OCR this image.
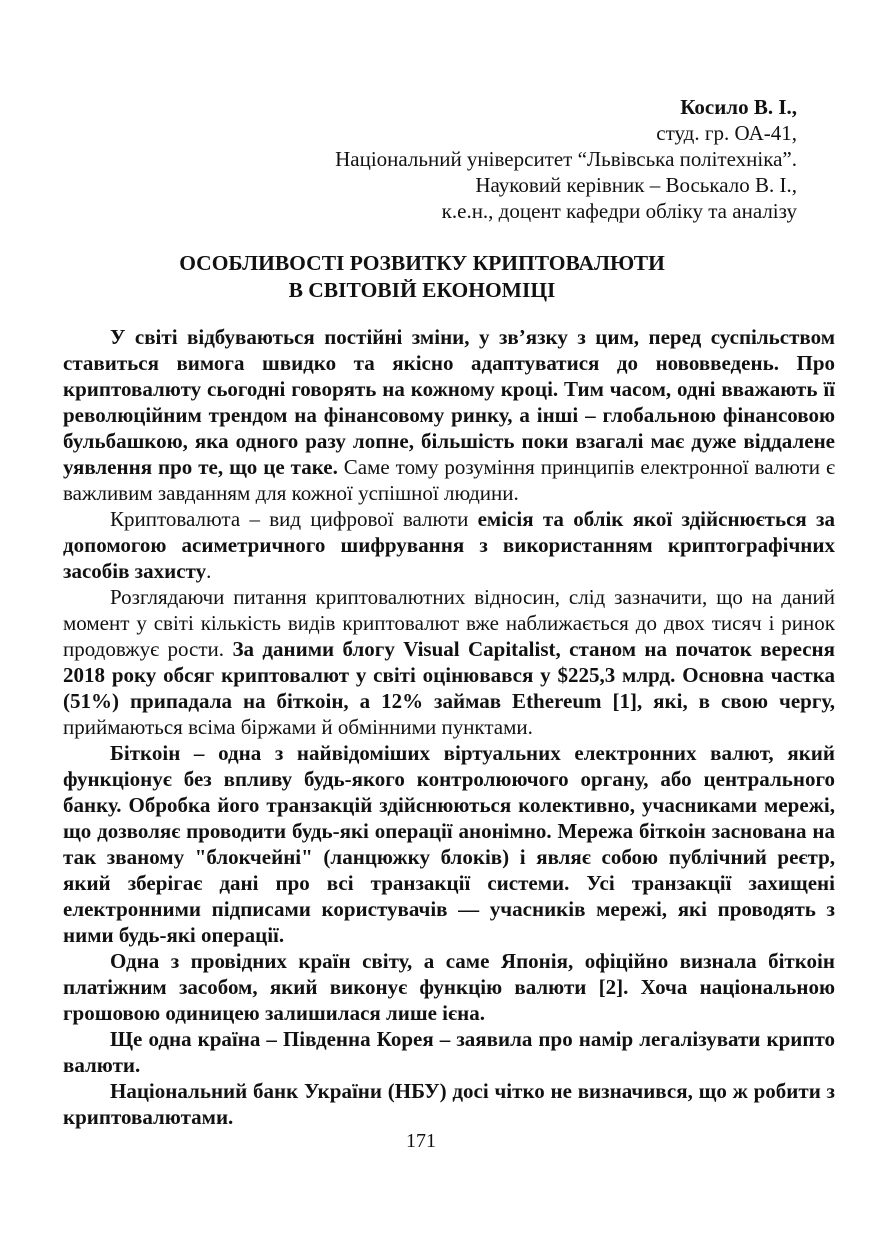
Косило В. І.,
студ. гр. ОА-41,
Національний університет “Львівська політехніка”.
Науковий керівник – Воськало В. І.,
к.е.н., доцент кафедри обліку та аналізу
ОСОБЛИВОСТІ РОЗВИТКУ КРИПТОВАЛЮТИ
В СВІТОВІЙ ЕКОНОМІЦІ

У світі відбуваються постійні зміни, у зв’язку з цим, перед суспільством ставиться вимога швидко та якісно адаптуватися до нововведень. Про криптовалюту сьогодні говорять на кожному кроці. Тим часом, одні вважають її революційним трендом на фінансовому ринку, а інші – глобальною фінансовою бульбашкою, яка одного разу лопне, більшість поки взагалі має дуже віддалене уявлення про те, що це таке. Саме тому розуміння принципів електронної валюти є важливим завданням для кожної успішної людини.

Криптовалюта – вид цифрової валюти емісія та облік якої здійснюється за допомогою асиметричного шифрування з використанням криптографічних засобів захисту.

Розглядаючи питання криптовалютних відносин, слід зазначити, що на даний момент у світі кількість видів криптовалют вже наближається до двох тисяч і ринок продовжує рости. За даними блогу Visual Capitalist, станом на початок вересня 2018 року обсяг криптовалют у світі оцінювався у $225,3 млрд. Основна частка (51%) припадала на біткоін, а 12% займав Ethereum [1], які, в свою чергу, приймаються всіма біржами й обмінними пунктами.

Біткоін – одна з найвідоміших віртуальних електронних валют, який функціонує без впливу будь-якого контролюючого органу, або центрального банку. Обробка його транзакцій здійснюються колективно, учасниками мережі, що дозволяє проводити будь-які операції анонімно. Мережа біткоін заснована на так званому "блокчейні" (ланцюжку блоків) і являє собою публічний реєтр, який зберігає дані про всі транзакції системи. Усі транзакції захищені електронними підписами користувачів — учасників мережі, які проводять з ними будь-які операції.

Одна з провідних країн світу, а саме Японія, офіційно визнала біткоін платіжним засобом, який виконує функцію валюти [2]. Хоча національною грошовою одиницею залишилася лише ієна.

Ще одна країна – Південна Корея – заявила про намір легалізувати крипто валюти.

Національний банк України (НБУ) досі чітко не визначився, що ж робити з криптовалютами.

171
